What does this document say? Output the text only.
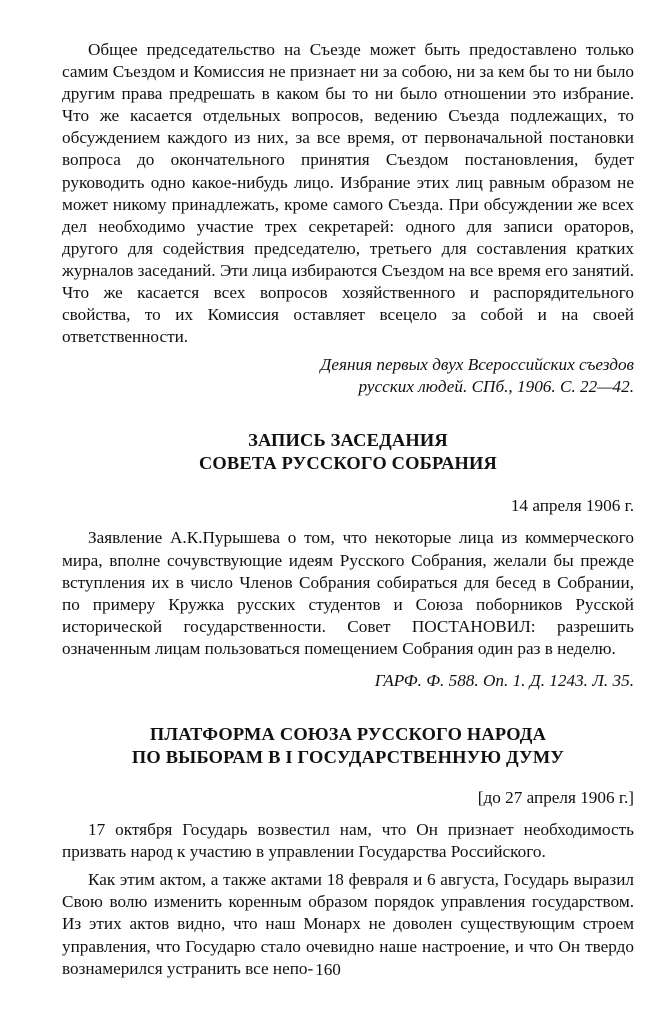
Общее председательство на Съезде может быть предоставлено только самим Съездом и Комиссия не признает ни за собою, ни за кем бы то ни было другим права предрешать в каком бы то ни было отношении это избрание. Что же касается отдельных вопросов, ведению Съезда подлежащих, то обсуждением каждого из них, за все время, от первоначальной постановки вопроса до окончательного принятия Съездом постановления, будет руководить одно какое-нибудь лицо. Избрание этих лиц равным образом не может никому принадлежать, кроме самого Съезда. При обсуждении же всех дел необходимо участие трех секретарей: одного для записи ораторов, другого для содействия председателю, третьего для составления кратких журналов заседаний. Эти лица избираются Съездом на все время его занятий. Что же касается всех вопросов хозяйственного и распорядительного свойства, то их Комиссия оставляет всецело за собой и на своей ответственности.

Деяния первых двух Всероссийских съездов
русских людей. СПб., 1906. С. 22—42.

ЗАПИСЬ ЗАСЕДАНИЯ
СОВЕТА РУССКОГО СОБРАНИЯ

14 апреля 1906 г.

Заявление А.К.Пурышева о том, что некоторые лица из коммерческого мира, вполне сочувствующие идеям Русского Собрания, желали бы прежде вступления их в число Членов Собрания собираться для бесед в Собрании, по примеру Кружка русских студентов и Союза поборников Русской исторической государственности. Совет ПОСТАНОВИЛ: разрешить означенным лицам пользоваться помещением Собрания один раз в неделю.

ГАРФ. Ф. 588. Оп. 1. Д. 1243. Л. 35.

ПЛАТФОРМА СОЮЗА РУССКОГО НАРОДА
ПО ВЫБОРАМ В I ГОСУДАРСТВЕННУЮ ДУМУ

[до 27 апреля 1906 г.]

17 октября Государь возвестил нам, что Он признает необходимость призвать народ к участию в управлении Государства Российского.

Как этим актом, а также актами 18 февраля и 6 августа, Государь выразил Свою волю изменить коренным образом порядок управления государством. Из этих актов видно, что наш Монарх не доволен существующим строем управления, что Государю стало очевидно наше настроение, и что Он твердо вознамерился устранить все непо- 160
